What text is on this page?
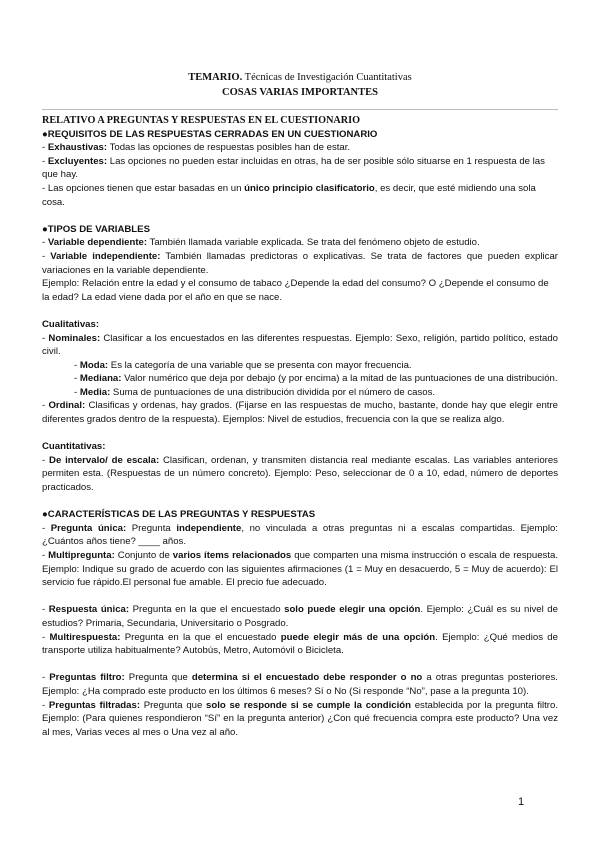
TEMARIO. Técnicas de Investigación Cuantitativas
COSAS VARIAS IMPORTANTES

RELATIVO A PREGUNTAS Y RESPUESTAS EN EL CUESTIONARIO

●REQUISITOS DE LAS RESPUESTAS CERRADAS EN UN CUESTIONARIO

- Exhaustivas: Todas las opciones de respuestas posibles han de estar.

- Excluyentes: Las opciones no pueden estar incluidas en otras, ha de ser posible sólo situarse en 1 respuesta de las que hay.

- Las opciones tienen que estar basadas en un único principio clasificatorio, es decir, que esté midiendo una sola cosa.

●TIPOS DE VARIABLES

- Variable dependiente: También llamada variable explicada. Se trata del fenómeno objeto de estudio.

- Variable independiente: También llamadas predictoras o explicativas. Se trata de factores que pueden explicar variaciones en la variable dependiente.

Ejemplo: Relación entre la edad y el consumo de tabaco ¿Depende la edad del consumo? O ¿Depende el consumo de la edad? La edad viene dada por el año en que se nace.

Cualitativas:

- Nominales: Clasificar a los encuestados en las diferentes respuestas. Ejemplo: Sexo, religión, partido político, estado civil.

- Moda: Es la categoría de una variable que se presenta con mayor frecuencia.

- Mediana: Valor numérico que deja por debajo (y por encima) a la mitad de las puntuaciones de una distribución.

- Media: Suma de puntuaciones de una distribución dividida por el número de casos.

- Ordinal: Clasificas y ordenas, hay grados. (Fijarse en las respuestas de mucho, bastante, donde hay que elegir entre diferentes grados dentro de la respuesta). Ejemplos: Nivel de estudios, frecuencia con la que se realiza algo.

Cuantitativas:

- De intervalo/ de escala: Clasifican, ordenan, y transmiten distancia real mediante escalas. Las variables anteriores permiten esta. (Respuestas de un número concreto). Ejemplo: Peso, seleccionar de 0 a 10, edad, número de deportes practicados.

●CARACTERÍSTICAS DE LAS PREGUNTAS Y RESPUESTAS

- Pregunta única: Pregunta independiente, no vinculada a otras preguntas ni a escalas compartidas. Ejemplo: ¿Cuántos años tiene? ____ años.

- Multipregunta: Conjunto de varios ítems relacionados que comparten una misma instrucción o escala de respuesta. Ejemplo: Indique su grado de acuerdo con las siguientes afirmaciones (1 = Muy en desacuerdo, 5 = Muy de acuerdo): El servicio fue rápido.El personal fue amable. El precio fue adecuado.

- Respuesta única: Pregunta en la que el encuestado solo puede elegir una opción. Ejemplo: ¿Cuál es su nivel de estudios? Primaria, Secundaria, Universitario o Posgrado.

- Multirespuesta: Pregunta en la que el encuestado puede elegir más de una opción. Ejemplo: ¿Qué medios de transporte utiliza habitualmente? Autobús, Metro, Automóvil o Bicicleta.

- Preguntas filtro: Pregunta que determina si el encuestado debe responder o no a otras preguntas posteriores. Ejemplo: ¿Ha comprado este producto en los últimos 6 meses? Sí o No (Si responde “No”, pase a la pregunta 10).

- Preguntas filtradas: Pregunta que solo se responde si se cumple la condición establecida por la pregunta filtro. Ejemplo: (Para quienes respondieron “Sí” en la pregunta anterior) ¿Con qué frecuencia compra este producto? Una vez al mes, Varias veces al mes o Una vez al año.

1
